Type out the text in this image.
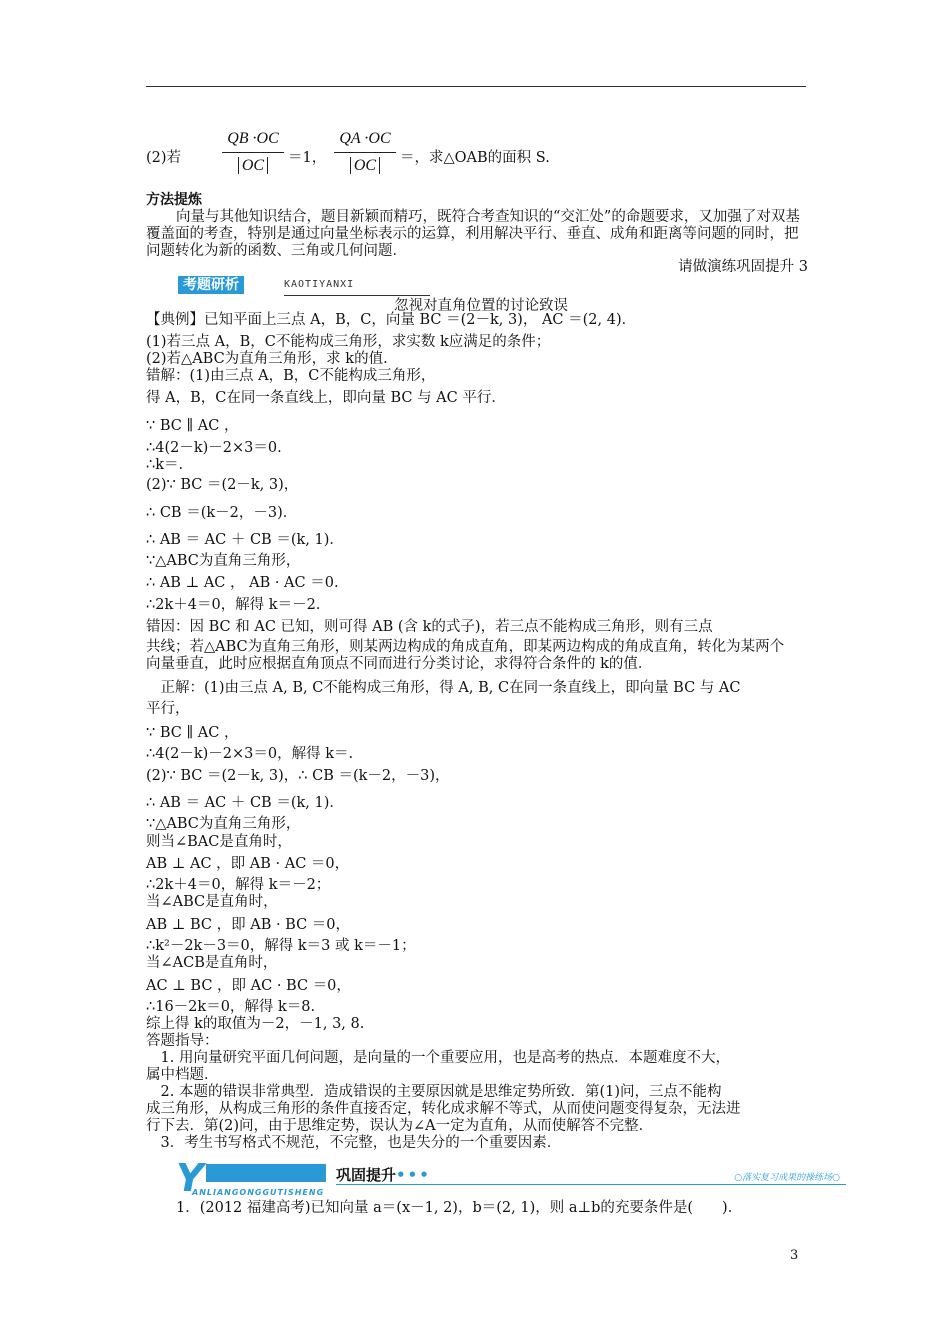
(2)若
QB ·OC
OC	＝1，
QA ·OC
OC	＝，求△OAB的面积 S.
方法提炼
向量与其他知识结合，题目新颖而精巧，既符合考查知识的“交汇处”的命题要求，又加强了对双基覆盖面的考查，特别是通过向量坐标表示的运算，利用解决平行、垂直、成角和距离等问题的同时，把问题转化为新的函数、三角或几何问题．
请做演练巩固提升 3
考题研析	KAOTIYANXI
忽视对直角位置的讨论致误
【典例】已知平面上三点 A，B，C，向量 BC ＝(2－k, 3)， AC ＝(2, 4)．
(1)若三点 A，B，C不能构成三角形，求实数 k应满足的条件；
(2)若△ABC为直角三角形，求 k的值.
错解：(1)由三点 A，B，C不能构成三角形，
得 A，B，C在同一条直线上，即向量 BC 与 AC 平行．
∵ BC ∥ AC ，
∴4(2－k)－2×3＝0.
∴k＝.
(2)∵ BC ＝(2－k, 3)，
∴ CB ＝(k－2，－3)．
∴ AB ＝ AC ＋ CB ＝(k, 1)．
∵△ABC为直角三角形，
∴ AB ⊥ AC ， AB · AC ＝0.
∴2k＋4＝0，解得 k＝－2.
错因：因 BC 和 AC 已知，则可得 AB (含 k的式子)，若三点不能构成三角形，则有三点
共线；若△ABC为直角三角形，则某两边构成的角成直角，即某两边构成的角成直角，转化为某两个
向量垂直，此时应根据直角顶点不同而进行分类讨论，求得符合条件的 k的值．
　正解：(1)由三点 A, B, C不能构成三角形，得 A, B, C在同一条直线上，即向量 BC 与 AC
平行，
∵ BC ∥ AC ，
∴4(2－k)－2×3＝0，解得 k＝.
(2)∵ BC ＝(2－k, 3)，∴ CB ＝(k－2，－3)，
∴ AB ＝ AC ＋ CB ＝(k, 1)．
∵△ABC为直角三角形，
则当∠BAC是直角时，
AB ⊥ AC ，即 AB · AC ＝0，
∴2k＋4＝0，解得 k＝－2；
当∠ABC是直角时，
AB ⊥ BC ，即 AB · BC ＝0，
∴k²－2k－3＝0，解得 k＝3 或 k＝－1；
当∠ACB是直角时，
AC ⊥ BC ，即 AC · BC ＝0，
∴16－2k＝0，解得 k＝8.
综上得 k的取值为－2，－1, 3, 8.
答题指导：
　1. 用向量研究平面几何问题，是向量的一个重要应用，也是高考的热点．本题难度不大，
属中档题．
　2. 本题的错误非常典型．造成错误的主要原因就是思维定势所致．第(1)问，三点不能构
成三角形，从构成三角形的条件直接否定，转化成求解不等式，从而使问题变得复杂，无法进
行下去．第(2)问，由于思维定势，误认为∠A一定为直角，从而使解答不完整．
　3．考生书写格式不规范，不完整，也是失分的一个重要因素．
Y	巩固提升•••
ANLIANGONGGUTISHENG
○落实复习成果的操练场○
1．(2012 福建高考)已知向量 a＝(x－1, 2)，b＝(2, 1)，则 a⊥b的充要条件是(　　)．
3
